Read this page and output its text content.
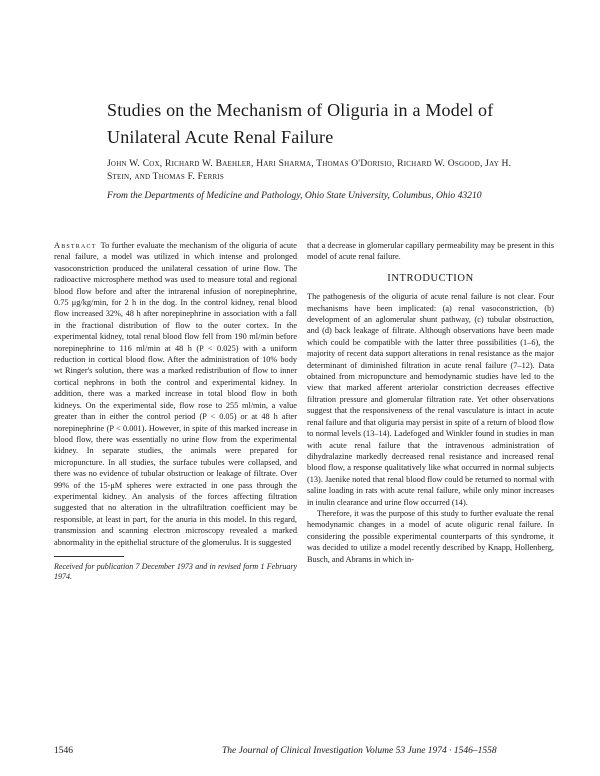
Studies on the Mechanism of Oliguria in a Model of Unilateral Acute Renal Failure

John W. Cox, Richard W. Baehler, Hari Sharma, Thomas O'Dorisio, Richard W. Osgood, Jay H. Stein, and Thomas F. Ferris

From the Departments of Medicine and Pathology, Ohio State University, Columbus, Ohio 43210

Abstract To further evaluate the mechanism of the oliguria of acute renal failure, a model was utilized in which intense and prolonged vasoconstriction produced the unilateral cessation of urine flow. The radioactive microsphere method was used to measure total and regional blood flow before and after the intrarenal infusion of norepinephrine, 0.75 μg/kg/min, for 2 h in the dog. In the control kidney, renal blood flow increased 32%, 48 h after norepinephrine in association with a fall in the fractional distribution of flow to the outer cortex. In the experimental kidney, total renal blood flow fell from 190 ml/min before norepinephrine to 116 ml/min at 48 h (P < 0.025) with a uniform reduction in cortical blood flow. After the administration of 10% body wt Ringer's solution, there was a marked redistribution of flow to inner cortical nephrons in both the control and experimental kidney. In addition, there was a marked increase in total blood flow in both kidneys. On the experimental side, flow rose to 255 ml/min, a value greater than in either the control period (P < 0.05) or at 48 h after norepinephrine (P < 0.001). However, in spite of this marked increase in blood flow, there was essentially no urine flow from the experimental kidney. In separate studies, the animals were prepared for micropuncture. In all studies, the surface tubules were collapsed, and there was no evidence of tubular obstruction or leakage of filtrate. Over 99% of the 15-μM spheres were extracted in one pass through the experimental kidney. An analysis of the forces affecting filtration suggested that no alteration in the ultrafiltration coefficient may be responsible, at least in part, for the anuria in this model. In this regard, transmission and scanning electron microscopy revealed a marked abnormality in the epithelial structure of the glomerulus. It is suggested

Received for publication 7 December 1973 and in revised form 1 February 1974.

that a decrease in glomerular capillary permeability may be present in this model of acute renal failure.

INTRODUCTION

The pathogenesis of the oliguria of acute renal failure is not clear. Four mechanisms have been implicated: (a) renal vasoconstriction, (b) development of an aglomerular shunt pathway, (c) tubular obstruction, and (d) back leakage of filtrate. Although observations have been made which could be compatible with the latter three possibilities (1–6), the majority of recent data support alterations in renal resistance as the major determinant of diminished filtration in acute renal failure (7–12). Data obtained from micropuncture and hemodynamic studies have led to the view that marked afferent arteriolar constriction decreases effective filtration pressure and glomerular filtration rate. Yet other observations suggest that the responsiveness of the renal vasculature is intact in acute renal failure and that oliguria may persist in spite of a return of blood flow to normal levels (13–14). Ladefoged and Winkler found in studies in man with acute renal failure that the intravenous administration of dihydralazine markedly decreased renal resistance and increased renal blood flow, a response qualitatively like what occurred in normal subjects (13). Jaenike noted that renal blood flow could be returned to normal with saline loading in rats with acute renal failure, while only minor increases in inulin clearance and urine flow occurred (14).

Therefore, it was the purpose of this study to further evaluate the renal hemodynamic changes in a model of acute oliguric renal failure. In considering the possible experimental counterparts of this syndrome, it was decided to utilize a model recently described by Knapp, Hollenberg, Busch, and Abrams in which in-

1546	The Journal of Clinical Investigation Volume 53 June 1974 · 1546–1558
